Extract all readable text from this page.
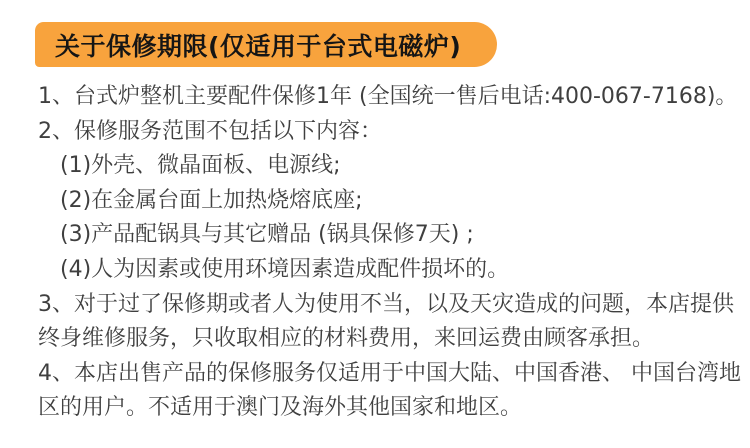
关于保修期限(仅适用于台式电磁炉)
1、台式炉整机主要配件保修1年 (全国统一售后电话:400-067-7168)。
2、保修服务范围不包括以下内容：
(1)外壳、微晶面板、电源线;
(2)在金属台面上加热烧熔底座;
(3)产品配锅具与其它赠品 (锅具保修7天) ;
(4)人为因素或使用环境因素造成配件损坏的。
3、对于过了保修期或者人为使用不当，以及天灾造成的问题，本店提供
终身维修服务，只收取相应的材料费用，来回运费由顾客承担。
4、本店出售产品的保修服务仅适用于中国大陆、中国香港、 中国台湾地
区的用户。不适用于澳门及海外其他国家和地区。
